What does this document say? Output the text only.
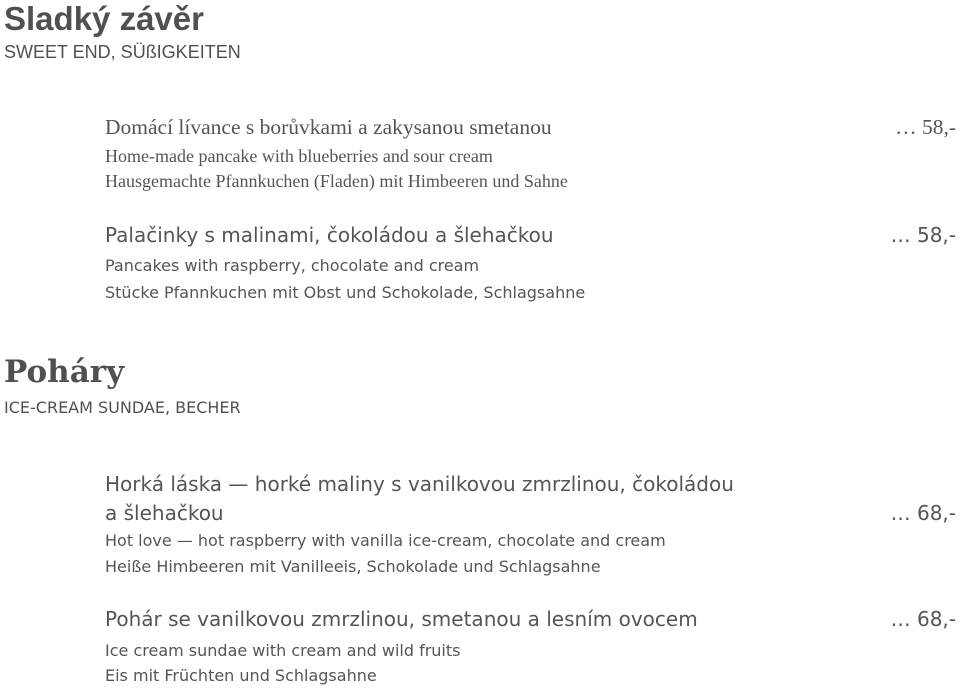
Sladký závěr
SWEET END, SÜßIGKEITEN
Domácí lívance s borůvkami a zakysanou smetanou	… 58,-
Home-made pancake with blueberries and sour cream
Hausgemachte Pfannkuchen (Fladen) mit Himbeeren und Sahne
Palačinky s malinami, čokoládou a šlehačkou	… 58,-
Pancakes with raspberry, chocolate and cream
Stücke Pfannkuchen mit Obst und Schokolade, Schlagsahne
Poháry
ICE-CREAM SUNDAE, BECHER
Horká láska — horké maliny s vanilkovou zmrzlinou, čokoládou
a šlehačkou	… 68,-
Hot love — hot raspberry with vanilla ice-cream, chocolate and cream
Heiße Himbeeren mit Vanilleeis, Schokolade und Schlagsahne
Pohár se vanilkovou zmrzlinou, smetanou a lesním ovocem	… 68,-
Ice cream sundae with cream and wild fruits
Eis mit Früchten und Schlagsahne
